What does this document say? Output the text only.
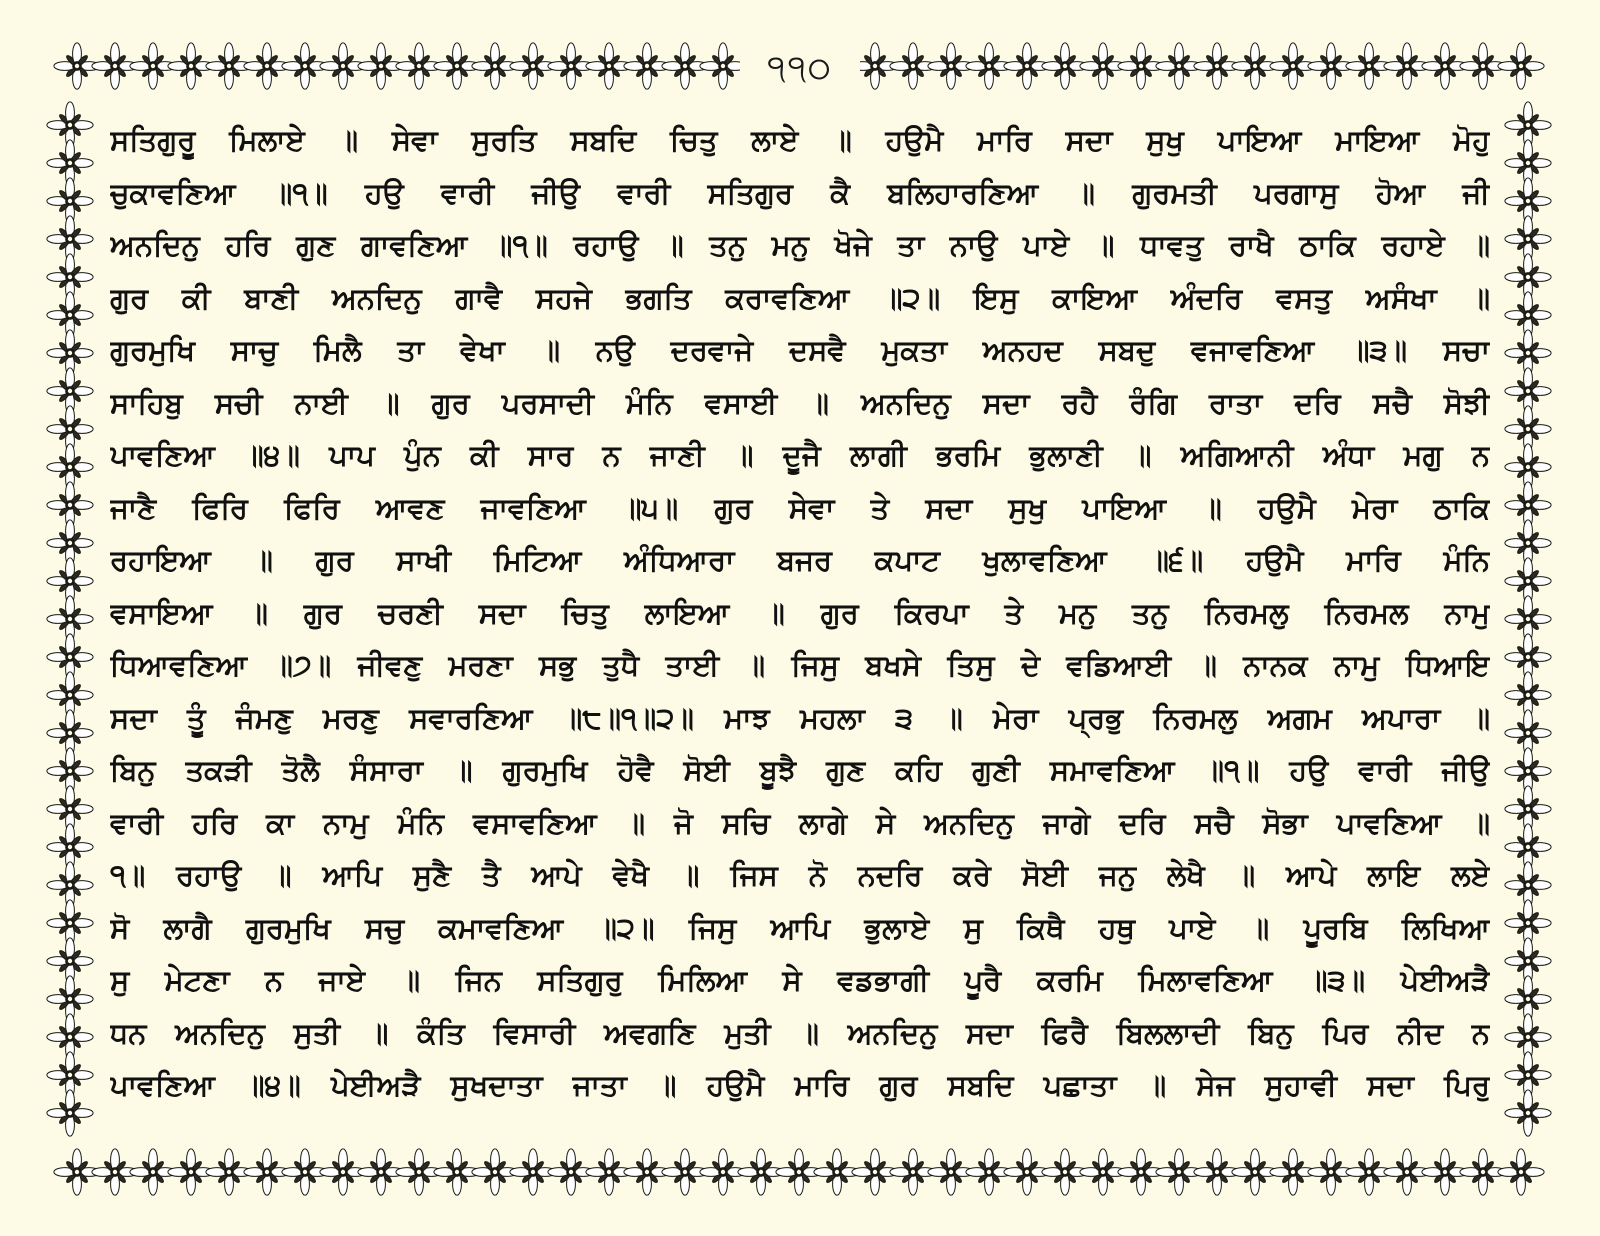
੧੧੦
ਸਤਿਗੁਰੂ ਮਿਲਾਏ ॥ ਸੇਵਾ ਸੁਰਤਿ ਸਬਦਿ ਚਿਤੁ ਲਾਏ ॥ ਹਉਮੈ ਮਾਰਿ ਸਦਾ ਸੁਖੁ ਪਾਇਆ ਮਾਇਆ ਮੋਹੁ
ਚੁਕਾਵਣਿਆ ॥੧॥ ਹਉ ਵਾਰੀ ਜੀਉ ਵਾਰੀ ਸਤਿਗੁਰ ਕੈ ਬਲਿਹਾਰਣਿਆ ॥ ਗੁਰਮਤੀ ਪਰਗਾਸੁ ਹੋਆ ਜੀ
ਅਨਦਿਨੁ ਹਰਿ ਗੁਣ ਗਾਵਣਿਆ ॥੧॥ ਰਹਾਉ ॥ ਤਨੁ ਮਨੁ ਖੋਜੇ ਤਾ ਨਾਉ ਪਾਏ ॥ ਧਾਵਤੁ ਰਾਖੈ ਠਾਕਿ ਰਹਾਏ ॥
ਗੁਰ ਕੀ ਬਾਣੀ ਅਨਦਿਨੁ ਗਾਵੈ ਸਹਜੇ ਭਗਤਿ ਕਰਾਵਣਿਆ ॥੨॥ ਇਸੁ ਕਾਇਆ ਅੰਦਰਿ ਵਸਤੁ ਅਸੰਖਾ ॥
ਗੁਰਮੁਖਿ ਸਾਚੁ ਮਿਲੈ ਤਾ ਵੇਖਾ ॥ ਨਉ ਦਰਵਾਜੇ ਦਸਵੈ ਮੁਕਤਾ ਅਨਹਦ ਸਬਦੁ ਵਜਾਵਣਿਆ ॥੩॥ ਸਚਾ
ਸਾਹਿਬੁ ਸਚੀ ਨਾਈ ॥ ਗੁਰ ਪਰਸਾਦੀ ਮੰਨਿ ਵਸਾਈ ॥ ਅਨਦਿਨੁ ਸਦਾ ਰਹੈ ਰੰਗਿ ਰਾਤਾ ਦਰਿ ਸਚੈ ਸੋਝੀ
ਪਾਵਣਿਆ ॥੪॥ ਪਾਪ ਪੁੰਨ ਕੀ ਸਾਰ ਨ ਜਾਣੀ ॥ ਦੂਜੈ ਲਾਗੀ ਭਰਮਿ ਭੁਲਾਣੀ ॥ ਅਗਿਆਨੀ ਅੰਧਾ ਮਗੁ ਨ
ਜਾਣੈ ਫਿਰਿ ਫਿਰਿ ਆਵਣ ਜਾਵਣਿਆ ॥੫॥ ਗੁਰ ਸੇਵਾ ਤੇ ਸਦਾ ਸੁਖੁ ਪਾਇਆ ॥ ਹਉਮੈ ਮੇਰਾ ਠਾਕਿ
ਰਹਾਇਆ ॥ ਗੁਰ ਸਾਖੀ ਮਿਟਿਆ ਅੰਧਿਆਰਾ ਬਜਰ ਕਪਾਟ ਖੁਲਾਵਣਿਆ ॥੬॥ ਹਉਮੈ ਮਾਰਿ ਮੰਨਿ
ਵਸਾਇਆ ॥ ਗੁਰ ਚਰਣੀ ਸਦਾ ਚਿਤੁ ਲਾਇਆ ॥ ਗੁਰ ਕਿਰਪਾ ਤੇ ਮਨੁ ਤਨੁ ਨਿਰਮਲੁ ਨਿਰਮਲ ਨਾਮੁ
ਧਿਆਵਣਿਆ ॥੭॥ ਜੀਵਣੁ ਮਰਣਾ ਸਭੁ ਤੁਧੈ ਤਾਈ ॥ ਜਿਸੁ ਬਖਸੇ ਤਿਸੁ ਦੇ ਵਡਿਆਈ ॥ ਨਾਨਕ ਨਾਮੁ ਧਿਆਇ
ਸਦਾ ਤੂੰ ਜੰਮਣੁ ਮਰਣੁ ਸਵਾਰਣਿਆ ॥੮॥੧॥੨॥ ਮਾਝ ਮਹਲਾ ੩ ॥ ਮੇਰਾ ਪ੍ਰਭੁ ਨਿਰਮਲੁ ਅਗਮ ਅਪਾਰਾ ॥
ਬਿਨੁ ਤਕੜੀ ਤੋਲੈ ਸੰਸਾਰਾ ॥ ਗੁਰਮੁਖਿ ਹੋਵੈ ਸੋਈ ਬੂਝੈ ਗੁਣ ਕਹਿ ਗੁਣੀ ਸਮਾਵਣਿਆ ॥੧॥ ਹਉ ਵਾਰੀ ਜੀਉ
ਵਾਰੀ ਹਰਿ ਕਾ ਨਾਮੁ ਮੰਨਿ ਵਸਾਵਣਿਆ ॥ ਜੋ ਸਚਿ ਲਾਗੇ ਸੇ ਅਨਦਿਨੁ ਜਾਗੇ ਦਰਿ ਸਚੈ ਸੋਭਾ ਪਾਵਣਿਆ ॥
੧॥ ਰਹਾਉ ॥ ਆਪਿ ਸੁਣੈ ਤੈ ਆਪੇ ਵੇਖੈ ॥ ਜਿਸ ਨੋ ਨਦਰਿ ਕਰੇ ਸੋਈ ਜਨੁ ਲੇਖੈ ॥ ਆਪੇ ਲਾਇ ਲਏ
ਸੋ ਲਾਗੈ ਗੁਰਮੁਖਿ ਸਚੁ ਕਮਾਵਣਿਆ ॥੨॥ ਜਿਸੁ ਆਪਿ ਭੁਲਾਏ ਸੁ ਕਿਥੈ ਹਥੁ ਪਾਏ ॥ ਪੂਰਬਿ ਲਿਖਿਆ
ਸੁ ਮੇਟਣਾ ਨ ਜਾਏ ॥ ਜਿਨ ਸਤਿਗੁਰੁ ਮਿਲਿਆ ਸੇ ਵਡਭਾਗੀ ਪੂਰੈ ਕਰਮਿ ਮਿਲਾਵਣਿਆ ॥੩॥ ਪੇਈਅੜੈ
ਧਨ ਅਨਦਿਨੁ ਸੁਤੀ ॥ ਕੰਤਿ ਵਿਸਾਰੀ ਅਵਗਣਿ ਮੁਤੀ ॥ ਅਨਦਿਨੁ ਸਦਾ ਫਿਰੈ ਬਿਲਲਾਦੀ ਬਿਨੁ ਪਿਰ ਨੀਦ ਨ
ਪਾਵਣਿਆ ॥੪॥ ਪੇਈਅੜੈ ਸੁਖਦਾਤਾ ਜਾਤਾ ॥ ਹਉਮੈ ਮਾਰਿ ਗੁਰ ਸਬਦਿ ਪਛਾਤਾ ॥ ਸੇਜ ਸੁਹਾਵੀ ਸਦਾ ਪਿਰੁ
